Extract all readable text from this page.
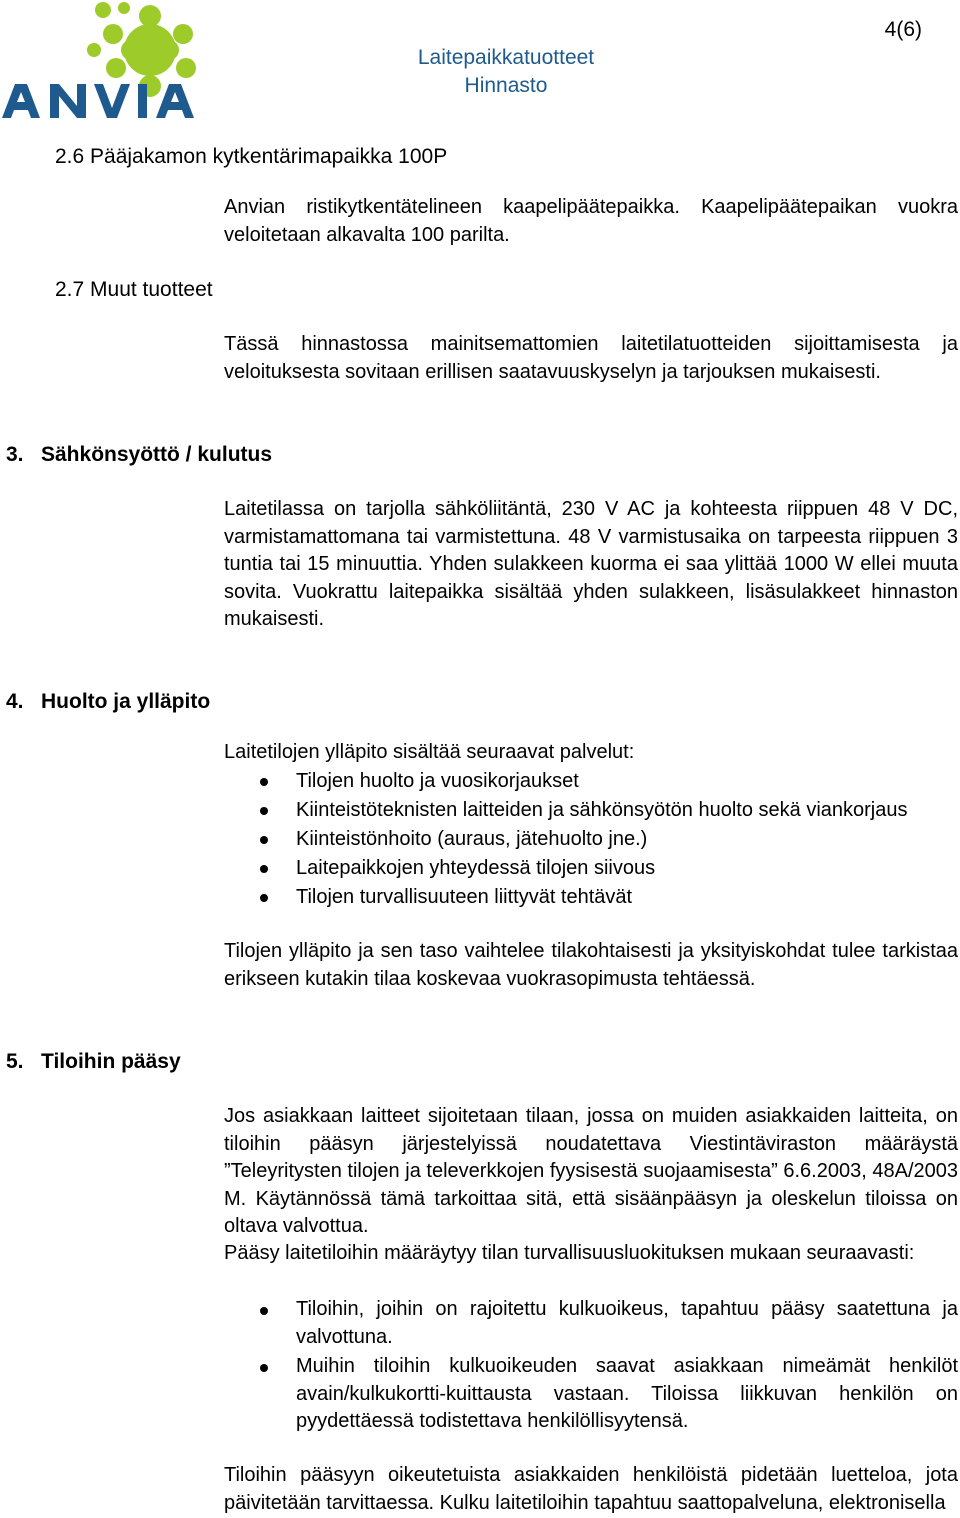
Laitepaikkatuotteet
Hinnasto
4(6)
2.6 Pääjakamon kytkentärimapaikka 100P
Anvian ristikytkentätelineen kaapelipäätepaikka. Kaapelipäätepaikan vuokra veloitetaan alkavalta 100 parilta.
2.7 Muut tuotteet
Tässä hinnastossa mainitsemattomien laitetilatuotteiden sijoittamisesta ja veloituksesta sovitaan erillisen saatavuuskyselyn ja tarjouksen mukaisesti.
3. Sähkönsyöttö / kulutus
Laitetilassa on tarjolla sähköliitäntä, 230 V AC ja kohteesta riippuen 48 V DC, varmistamattomana tai varmistettuna. 48 V varmistusaika on tarpeesta riippuen 3 tuntia tai 15 minuuttia. Yhden sulakkeen kuorma ei saa ylittää 1000 W ellei muuta sovita. Vuokrattu laitepaikka sisältää yhden sulakkeen, lisäsulakkeet hinnaston mukaisesti.
4. Huolto ja ylläpito
Laitetilojen ylläpito sisältää seuraavat palvelut:
Tilojen huolto ja vuosikorjaukset
Kiinteistöteknisten laitteiden ja sähkönsyötön huolto sekä viankorjaus
Kiinteistönhoito (auraus, jätehuolto jne.)
Laitepaikkojen yhteydessä tilojen siivous
Tilojen turvallisuuteen liittyvät tehtävät
Tilojen ylläpito ja sen taso vaihtelee tilakohtaisesti ja yksityiskohdat tulee tarkistaa erikseen kutakin tilaa koskevaa vuokrasopimusta tehtäessä.
5. Tiloihin pääsy
Jos asiakkaan laitteet sijoitetaan tilaan, jossa on muiden asiakkaiden laitteita, on tiloihin pääsyn järjestelyissä noudatettava Viestintäviraston määräystä ”Teleyritysten tilojen ja televerkkojen fyysisestä suojaamisesta” 6.6.2003, 48A/2003 M. Käytännössä tämä tarkoittaa sitä, että sisäänpääsyn ja oleskelun tiloissa on oltava valvottua.
Pääsy laitetiloihin määräytyy tilan turvallisuusluokituksen mukaan seuraavasti:
Tiloihin, joihin on rajoitettu kulkuoikeus, tapahtuu pääsy saatettuna ja valvottuna.
Muihin tiloihin kulkuoikeuden saavat asiakkaan nimeämät henkilöt avain/kulkukortti-kuittausta vastaan. Tiloissa liikkuvan henkilön on pyydettäessä todistettava henkilöllisyytensä.
Tiloihin pääsyyn oikeutetuista asiakkaiden henkilöistä pidetään luetteloa, jota päivitetään tarvittaessa. Kulku laitetiloihin tapahtuu saattopalveluna, elektronisella
